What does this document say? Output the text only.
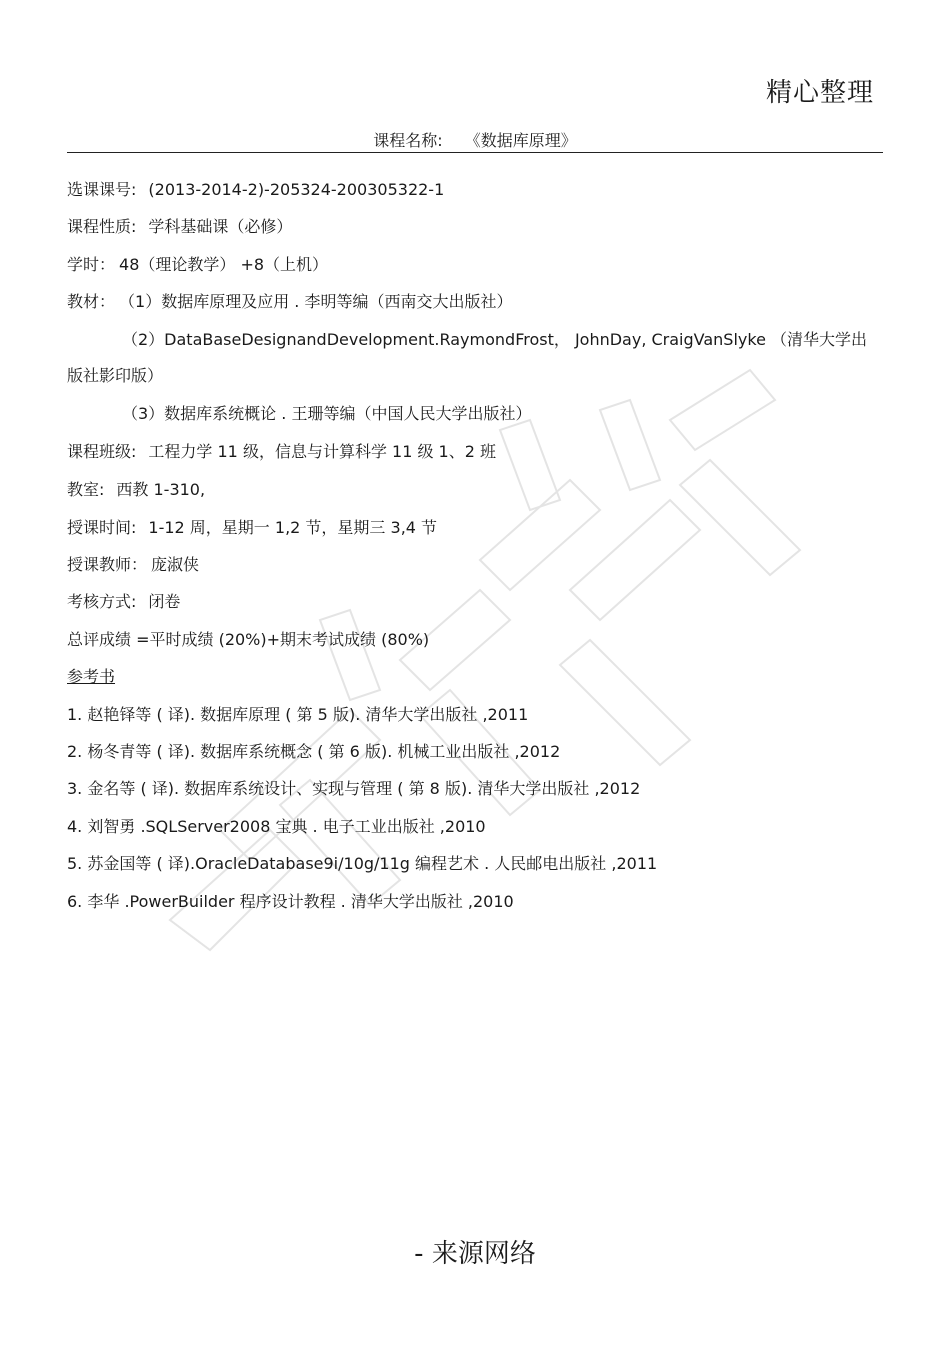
精心整理
课程名称: 《数据库原理》
选课课号: (2013-2014-2)-205324-200305322-1
课程性质: 学科基础课（必修）
学时： 48（理论教学） +8（上机）
教材： （1）数据库原理及应用 . 李明等编（西南交大出版社）
（2）DataBaseDesignandDevelopment.RaymondFrost， JohnDay, CraigVanSlyke （清华大学出版社影印版）
（3）数据库系统概论 . 王珊等编（中国人民大学出版社）
课程班级: 工程力学 11 级，信息与计算科学 11 级 1、2 班
教室: 西教 1-310,
授课时间: 1-12 周，星期一 1,2 节，星期三 3,4 节
授课教师： 庞淑侠
考核方式: 闭卷
总评成绩 =平时成绩 (20%)+期末考试成绩 (80%)
参考书
1. 赵艳铎等 ( 译). 数据库原理 ( 第 5 版). 清华大学出版社 ,2011
2. 杨冬青等 ( 译). 数据库系统概念 ( 第 6 版). 机械工业出版社 ,2012
3. 金名等 ( 译). 数据库系统设计、实现与管理 ( 第 8 版). 清华大学出版社 ,2012
4. 刘智勇 .SQLServer2008 宝典 . 电子工业出版社 ,2010
5. 苏金国等 ( 译).OracleDatabase9i/10g/11g 编程艺术 . 人民邮电出版社 ,2011
6. 李华 .PowerBuilder 程序设计教程 . 清华大学出版社 ,2010
- 来源网络
